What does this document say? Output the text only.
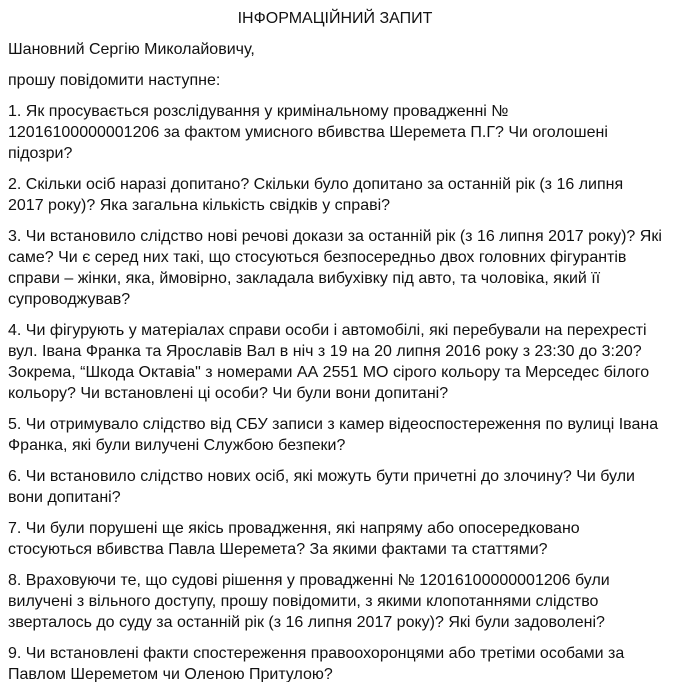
ІНФОРМАЦІЙНИЙ ЗАПИТ

Шановний Сергію Миколайовичу,

прошу повідомити наступне:

1. Як просувається розслідування у кримінальному провадженні № 12016100000001206 за фактом умисного вбивства Шеремета П.Г? Чи оголошені підозри?

2. Скільки осіб наразі допитано? Скільки було допитано за останній рік (з 16 липня 2017 року)? Яка загальна кількість свідків у справі?

3. Чи встановило слідство нові речові докази за останній рік (з 16 липня 2017 року)? Які саме? Чи є серед них такі, що стосуються безпосередньо двох головних фігурантів справи – жінки, яка, ймовірно, закладала вибухівку під авто, та чоловіка, який її супроводжував?

4. Чи фігурують у матеріалах справи особи і автомобілі, які перебували на перехресті вул. Івана Франка та Ярославів Вал в ніч з 19 на 20 липня 2016 року з 23:30 до 3:20? Зокрема, “Шкода Октавіа" з номерами АА 2551 МО сірого кольору та Мерседес білого кольору? Чи встановлені ці особи? Чи були вони допитані?

5. Чи отримувало слідство від СБУ записи з камер відеоспостереження по вулиці Івана Франка, які були вилучені Службою безпеки?

6. Чи встановило слідство нових осіб, які можуть бути причетні до злочину? Чи були вони допитані?

7. Чи були порушені ще якісь провадження, які напряму або опосередковано стосуються вбивства Павла Шеремета? За якими фактами та статтями?

8. Враховуючи те, що судові рішення у провадженні № 12016100000001206 були вилучені з вільного доступу, прошу повідомити, з якими клопотаннями слідство зверталось до суду за останній рік (з 16 липня 2017 року)? Які були задоволені?

9. Чи встановлені факти спостереження правоохоронцями або третіми особами за Павлом Шереметом чи Оленою Притулою?
